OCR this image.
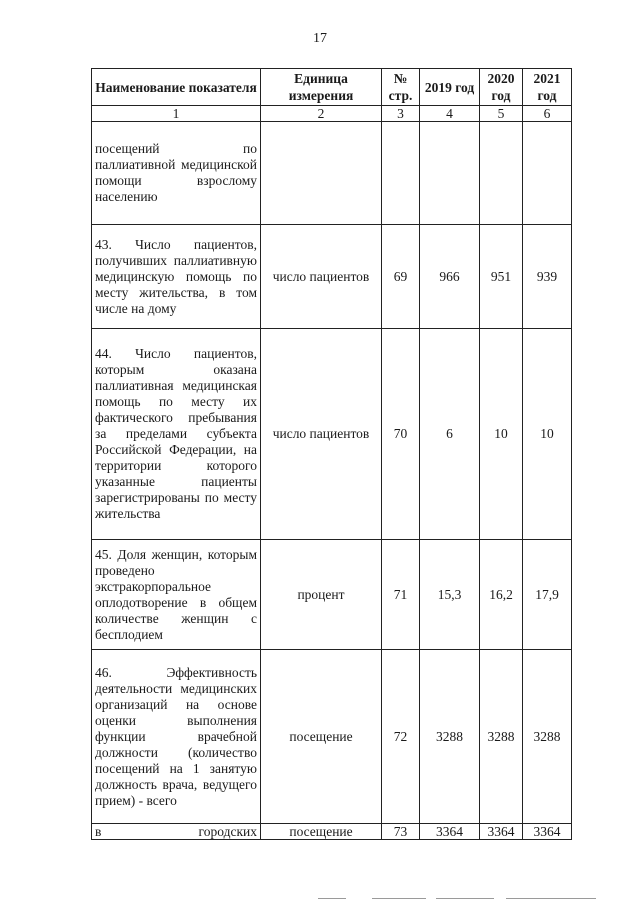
17
Наименование показателя	Единица измерения	№ стр.	2019 год	2020 год	2021 год
1	2	3	4	5	6
посещений по паллиативной медицинской помощи взрослому населению					
43. Число пациентов, получивших паллиативную медицинскую помощь по месту жительства, в том числе на дому	число пациентов	69	966	951	939
44. Число пациентов, которым оказана паллиативная медицинская помощь по месту их фактического пребывания за пределами субъекта Российской Федерации, на территории которого указанные пациенты зарегистрированы по месту жительства	число пациентов	70	6	10	10
45. Доля женщин, которым проведено экстракорпоральное оплодотворение в общем количестве женщин с бесплодием	процент	71	15,3	16,2	17,9
46. Эффективность деятельности медицинских организаций на основе оценки выполнения функции врачебной должности (количество посещений на 1 занятую должность врача, ведущего прием) - всего	посещение	72	3288	3288	3288
в городских	посещение	73	3364	3364	3364
